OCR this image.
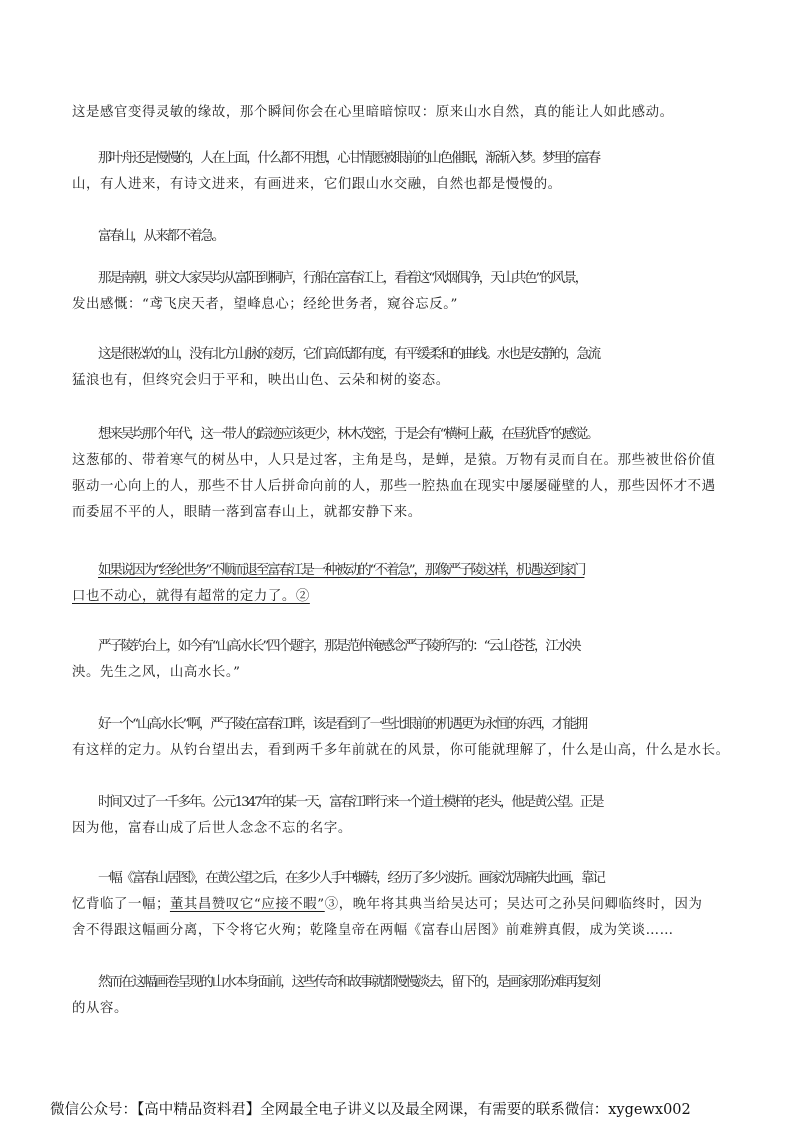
这是感官变得灵敏的缘故，那个瞬间你会在心里暗暗惊叹：原来山水自然，真的能让人如此感动。

那叶舟还是慢慢的，人在上面，什么都不用想，心甘情愿被眼前的山色催眠，渐渐入梦。梦里的富春
山，有人进来，有诗文进来，有画进来，它们跟山水交融，自然也都是慢慢的。

富春山，从来都不着急。

那是南朝，骈文大家吴均从富阳到桐庐，行船在富春江上，看着这“风烟俱净，天山共色”的风景，
发出感慨：“鸢飞戾天者，望峰息心；经纶世务者，窥谷忘反。”

这是很松软的山，没有北方山脉的凌厉，它们高低都有度，有平缓柔和的曲线。水也是安静的，急流
猛浪也有，但终究会归于平和，映出山色、云朵和树的姿态。

想来吴均那个年代，这一带人的踪迹应该更少，林木茂密，于是会有“横柯上蔽，在昼犹昏”的感觉。
这葱郁的、带着寒气的树丛中，人只是过客，主角是鸟，是蝉，是猿。万物有灵而自在。那些被世俗价值
驱动一心向上的人，那些不甘人后拼命向前的人，那些一腔热血在现实中屡屡碰壁的人，那些因怀才不遇
而委屈不平的人，眼睛一落到富春山上，就都安静下来。

如果说因为“经纶世务”不顺而退至富春江是一种被动的“不着急”，那像严子陵这样，机遇送到家门
口也不动心，就得有超常的定力了。②

严子陵钓台上，如今有“山高水长”四个题字，那是范仲淹感念严子陵所写的：“云山苍苍，江水泱
泱。先生之风，山高水长。”

好一个“山高水长”啊，严子陵在富春江畔，该是看到了一些比眼前的机遇更为永恒的东西，才能拥
有这样的定力。从钓台望出去，看到两千多年前就在的风景，你可能就理解了，什么是山高，什么是水长。

时间又过了一千多年。公元1347年的某一天，富春江畔行来一个道士模样的老头，他是黄公望。正是
因为他，富春山成了后世人念念不忘的名字。

一幅《富春山居图》，在黄公望之后，在多少人手中辗转，经历了多少波折。画家沈周痛失此画，靠记
忆背临了一幅；董其昌赞叹它“应接不暇”③，晚年将其典当给吴达可；吴达可之孙吴问卿临终时，因为
舍不得跟这幅画分离，下令将它火殉；乾隆皇帝在两幅《富春山居图》前难辨真假，成为笑谈……

然而在这幅画卷呈现的山水本身面前，这些传奇和故事就都慢慢淡去，留下的，是画家那份难再复刻
的从容。

微信公众号：【高中精品资料君】全网最全电子讲义以及最全网课，有需要的联系微信：xygewx002
